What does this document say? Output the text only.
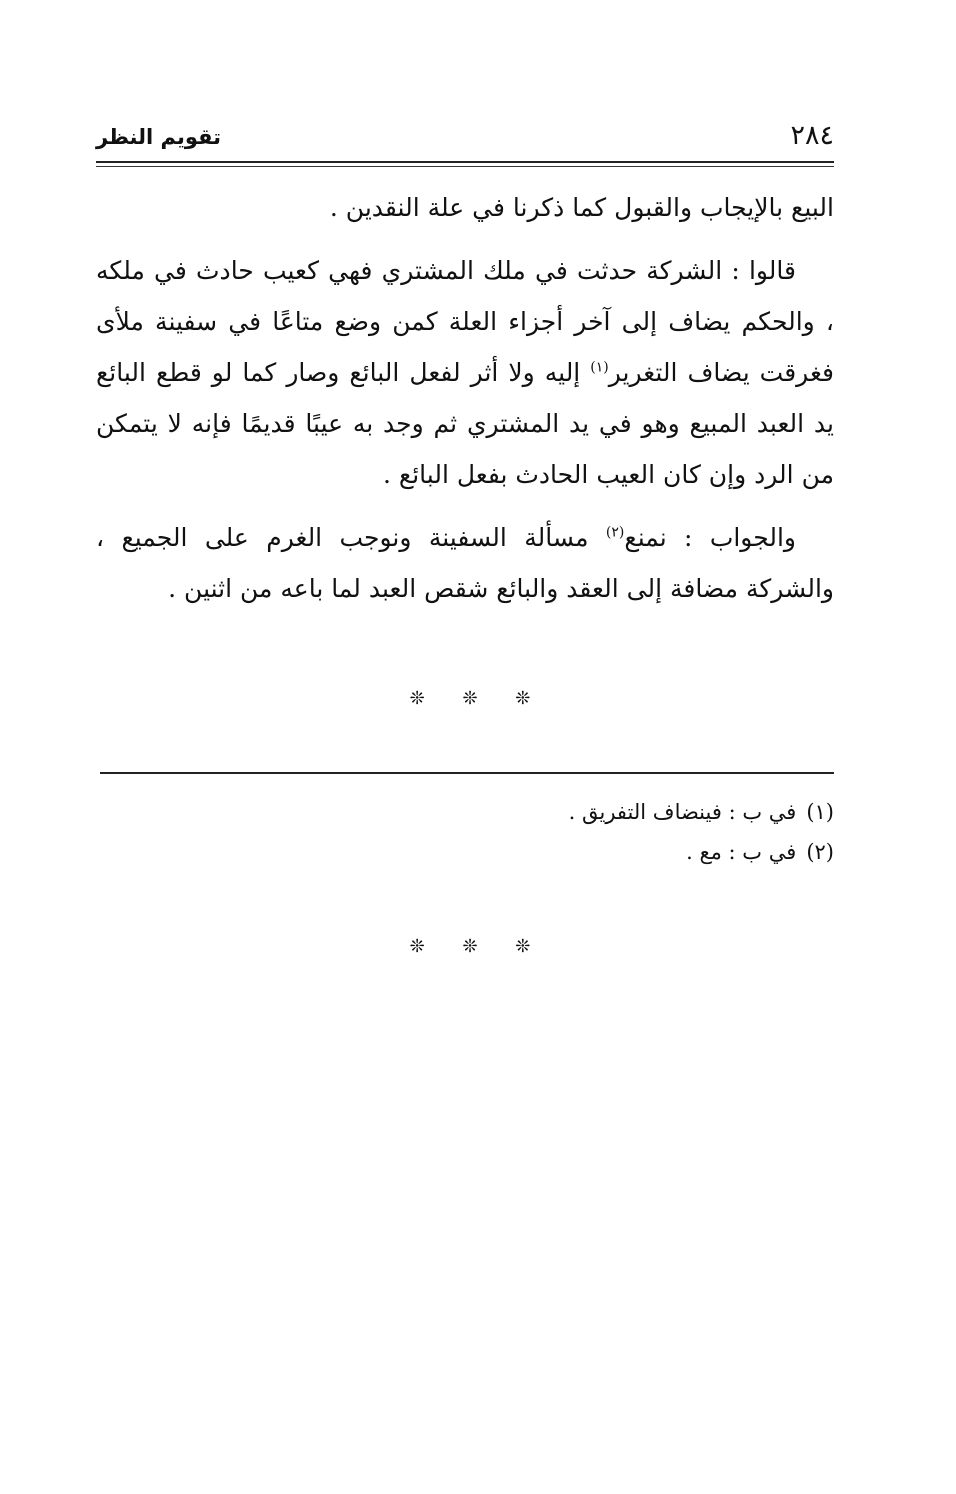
٢٨٤
تقويم النظر

البيع بالإيجاب والقبول كما ذكرنا في علة النقدين .

قالوا : الشركة حدثت في ملك المشتري فهي كعيب حادث في ملكه ، والحكم يضاف إلى آخر أجزاء العلة كمن وضع متاعًا في سفينة ملأى فغرقت يضاف التغرير$^{(١)}$ إليه ولا أثر لفعل البائع وصار كما لو قطع البائع يد العبد المبيع وهو في يد المشتري ثم وجد به عيبًا قديمًا فإنه لا يتمكن من الرد وإن كان العيب الحادث بفعل البائع .

والجواب : نمنع$^{(٢)}$ مسألة السفينة ونوجب الغرم على الجميع ، والشركة مضافة إلى العقد والبائع شقص العبد لما باعه من اثنين .

❊ ❊ ❊

(١)في ب : فينضاف التفريق .

(٢)في ب : مع .

❊ ❊ ❊
